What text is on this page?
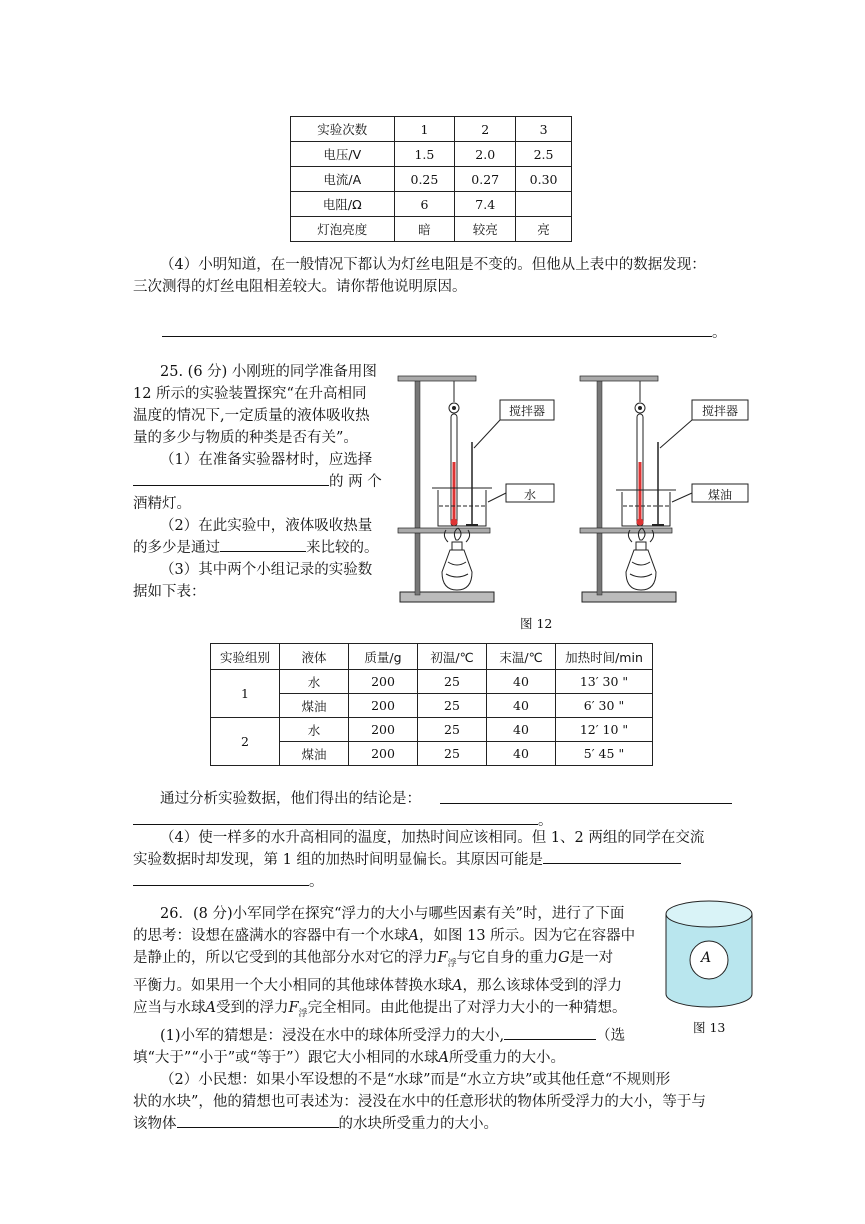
实验次数	1	2	3
电压/V	1.5	2.0	2.5
电流/A	0.25	0.27	0.30
电阻/Ω	6	7.4	
灯泡亮度	暗	较亮	亮
（4）小明知道，在一般情况下都认为灯丝电阻是不变的。但他从上表中的数据发现：
三次测得的灯丝电阻相差较大。请你帮他说明原因。
。
25. (6 分) 小刚班的同学准备用图
12 所示的实验装置探究“在升高相同
温度的情况下,一定质量的液体吸收热
量的多少与物质的种类是否有关”。
（1）在准备实验器材时，应选择
的 两 个
酒精灯。
（2）在此实验中，液体吸收热量
的多少是通过	来比较的。
（3）其中两个小组记录的实验数
据如下表：
搅拌器
水
搅拌器
煤油
图 12
实验组别	液体	质量/g	初温/℃	末温/℃	加热时间/min
1	水	200	25	40	13′ 30 "
	煤油	200	25	40	6′ 30 "
2	水	200	25	40	12′ 10 "
	煤油	200	25	40	5′ 45 "
通过分析实验数据，他们得出的结论是：
。
（4）使一样多的水升高相同的温度，加热时间应该相同。但 1、2 两组的同学在交流
实验数据时却发现，第 1 组的加热时间明显偏长。其原因可能是
。
26．(8 分)小军同学在探究“浮力的大小与哪些因素有关”时，进行了下面
的思考：设想在盛满水的容器中有一个水球A，如图 13 所示。因为它在容器中
是静止的，所以它受到的其他部分水对它的浮力$F_浮$与它自身的重力G是一对
平衡力。如果用一个大小相同的其他球体替换水球A，那么该球体受到的浮力
应当与水球A受到的浮力$F_浮$完全相同。由此他提出了对浮力大小的一种猜想。
(1)小军的猜想是：浸没在水中的球体所受浮力的大小,	（选
填“大于”“小于”或“等于”）跟它大小相同的水球A所受重力的大小。
（2）小民想：如果小军设想的不是“水球”而是“水立方块”或其他任意“不规则形
状的水块”，他的猜想也可表述为：浸没在水中的任意形状的物体所受浮力的大小，等于与
该物体	的水块所受重力的大小。
A
图 13
